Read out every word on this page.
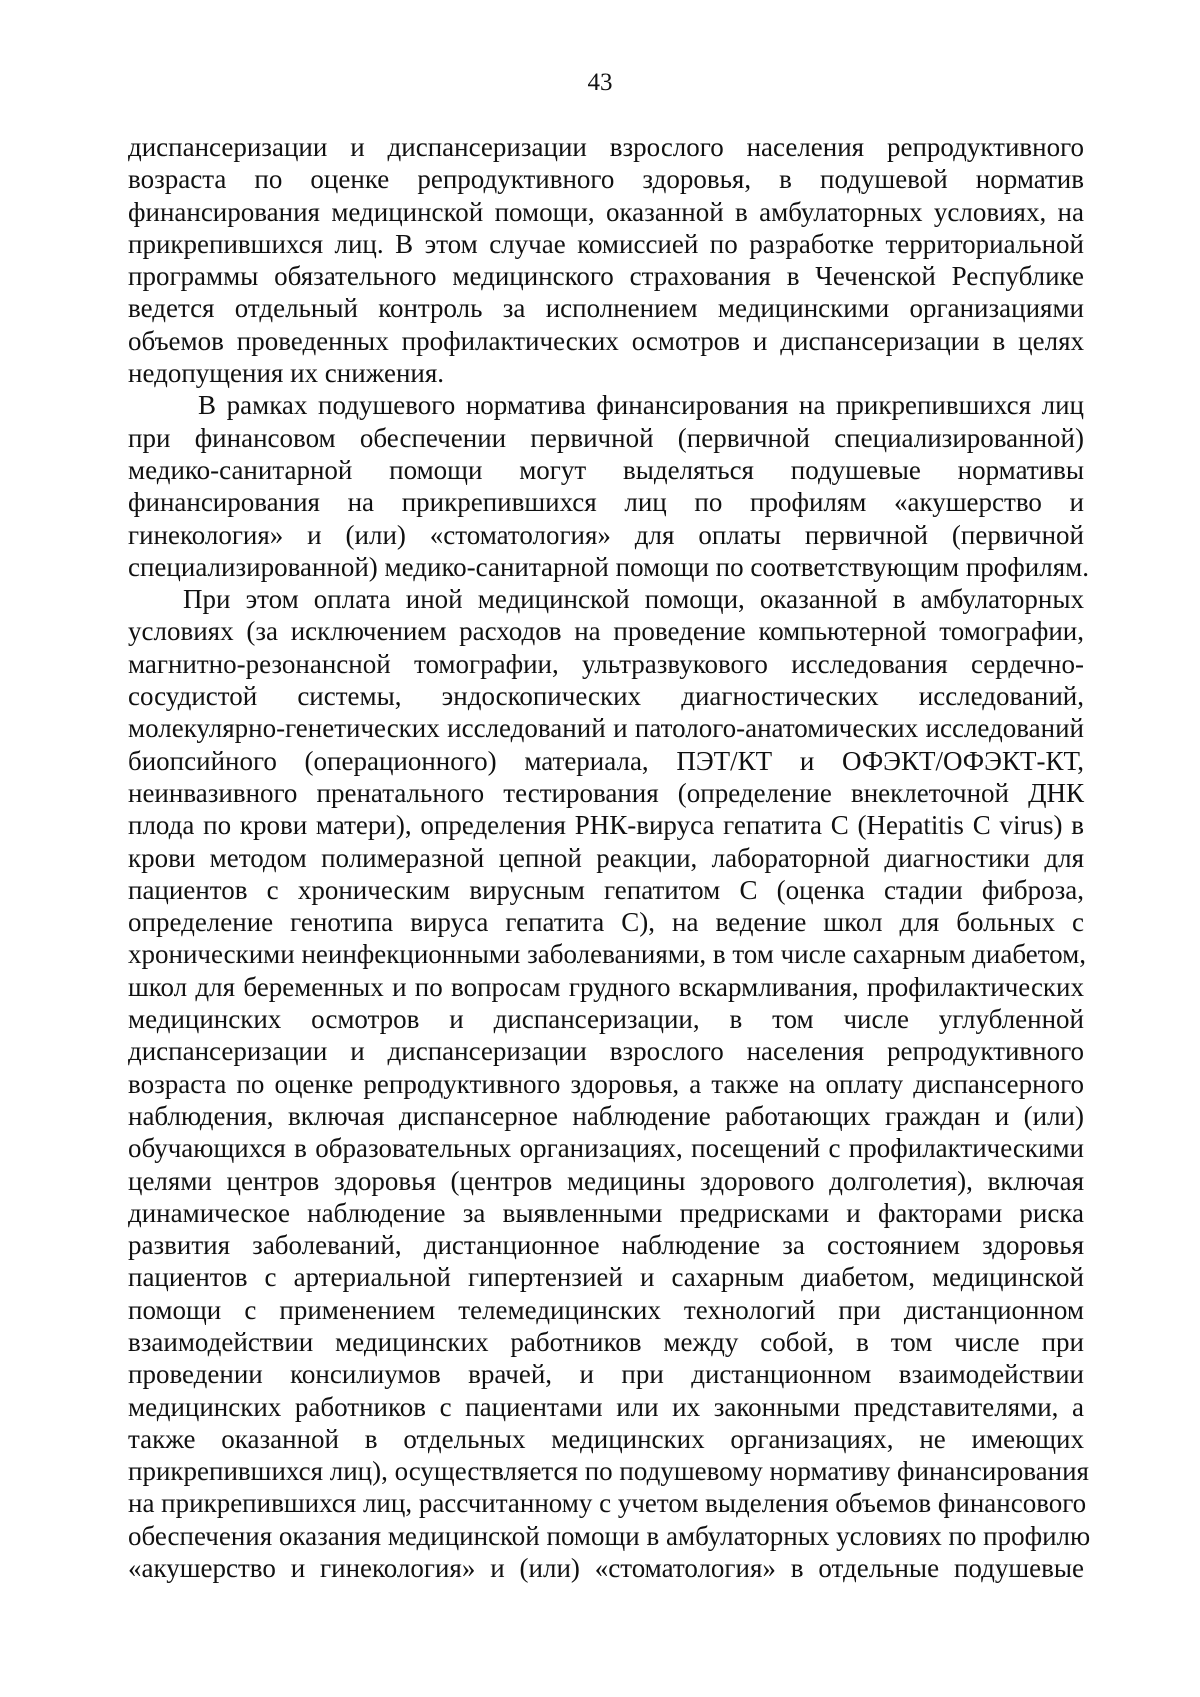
43

диспансеризации и диспансеризации взрослого населения репродуктивного
возраста по оценке репродуктивного здоровья, в подушевой норматив
финансирования медицинской помощи, оказанной в амбулаторных условиях, на
прикрепившихся лиц. В этом случае комиссией по разработке территориальной
программы обязательного медицинского страхования в Чеченской Республике
ведется отдельный контроль за исполнением медицинскими организациями
объемов проведенных профилактических осмотров и диспансеризации в целях
недопущения их снижения.

В рамках подушевого норматива финансирования на прикрепившихся лиц
при финансовом обеспечении первичной (первичной специализированной)
медико-санитарной помощи могут выделяться подушевые нормативы
финансирования на прикрепившихся лиц по профилям «акушерство и
гинекология» и (или) «стоматология» для оплаты первичной (первичной
специализированной) медико-санитарной помощи по соответствующим профилям.

При этом оплата иной медицинской помощи, оказанной в амбулаторных
условиях (за исключением расходов на проведение компьютерной томографии,
магнитно-резонансной томографии, ультразвукового исследования сердечно-
сосудистой системы, эндоскопических диагностических исследований,
молекулярно-генетических исследований и патолого-анатомических исследований
биопсийного (операционного) материала, ПЭТ/КТ и ОФЭКТ/ОФЭКТ-КТ,
неинвазивного пренатального тестирования (определение внеклеточной ДНК
плода по крови матери), определения РНК-вируса гепатита С (Hepatitis С virus) в
крови методом полимеразной цепной реакции, лабораторной диагностики для
пациентов с хроническим вирусным гепатитом С (оценка стадии фиброза,
определение генотипа вируса гепатита С), на ведение школ для больных с
хроническими неинфекционными заболеваниями, в том числе сахарным диабетом,
школ для беременных и по вопросам грудного вскармливания, профилактических
медицинских осмотров и диспансеризации, в том числе углубленной
диспансеризации и диспансеризации взрослого населения репродуктивного
возраста по оценке репродуктивного здоровья, а также на оплату диспансерного
наблюдения, включая диспансерное наблюдение работающих граждан и (или)
обучающихся в образовательных организациях, посещений с профилактическими
целями центров здоровья (центров медицины здорового долголетия), включая
динамическое наблюдение за выявленными предрисками и факторами риска
развития заболеваний, дистанционное наблюдение за состоянием здоровья
пациентов с артериальной гипертензией и сахарным диабетом, медицинской
помощи с применением телемедицинских технологий при дистанционном
взаимодействии медицинских работников между собой, в том числе при
проведении консилиумов врачей, и при дистанционном взаимодействии
медицинских работников с пациентами или их законными представителями, а
также оказанной в отдельных медицинских организациях, не имеющих
прикрепившихся лиц), осуществляется по подушевому нормативу финансирования
на прикрепившихся лиц, рассчитанному с учетом выделения объемов финансового
обеспечения оказания медицинской помощи в амбулаторных условиях по профилю
«акушерство и гинекология» и (или) «стоматология» в отдельные подушевые
